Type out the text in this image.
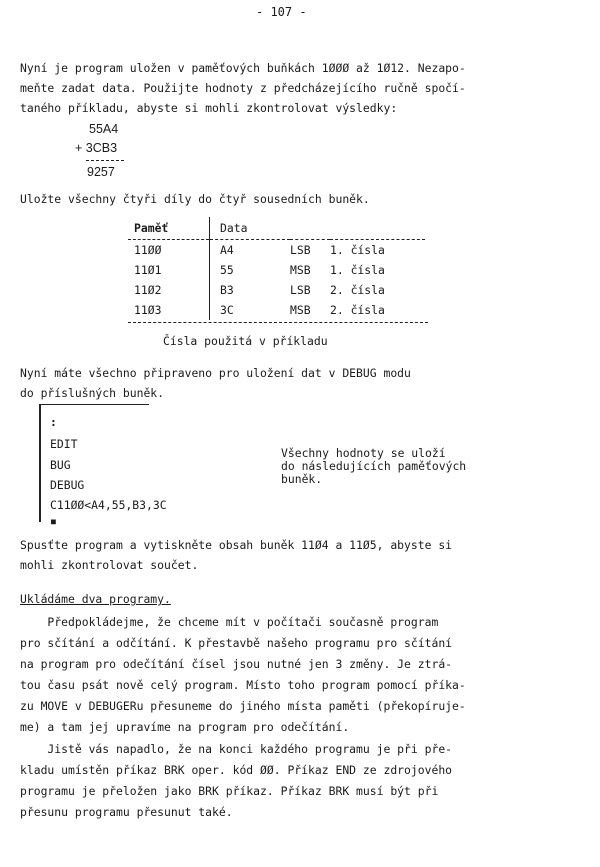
- 107 -
Nyní je program uložen v paměťových buňkách 1ØØØ až 1Ø12. Nezapo-
meňte zadat data. Použijte hodnoty z předcházejícího ručně spočí-
taného příkladu, abyste si mohli zkontrolovat výsledky:
55A4
+ 3CB3
9257
Uložte všechny čtyři díly do čtyř sousedních buněk.
Paměť	Data		
11ØØ	A4	LSB	1. čísla
11Ø1	55	MSB	1. čísla
11Ø2	B3	LSB	2. čísla
11Ø3	3C	MSB	2. čísla
Čísla použitá v příkladu
Nyní máte všechno připraveno pro uložení dat v DEBUG modu
do příslušných buněk.
:
EDIT
BUG
DEBUG
C11ØØ<A4,55,B3,3C
■
Všechny hodnoty se uloží
do následujících paměťových
buněk.
Spusťte program a vytiskněte obsah buněk 11Ø4 a 11Ø5, abyste si
mohli zkontrolovat součet.
Ukládáme dva programy.
Předpokládejme, že chceme mít v počítači současně program
pro sčítání a odčítání. K přestavbě našeho programu pro sčítání
na program pro odečítání čísel jsou nutné jen 3 změny. Je ztrá-
tou času psát nově celý program. Místo toho program pomocí příka-
zu MOVE v DEBUGERu přesuneme do jiného místa paměti (překopíruje-
me) a tam jej upravíme na program pro odečítání.
Jistě vás napadlo, že na konci každého programu je při pře-
kladu umístěn příkaz BRK oper. kód ØØ. Příkaz END ze zdrojového
programu je přeložen jako BRK příkaz. Příkaz BRK musí být při
přesunu programu přesunut také.
